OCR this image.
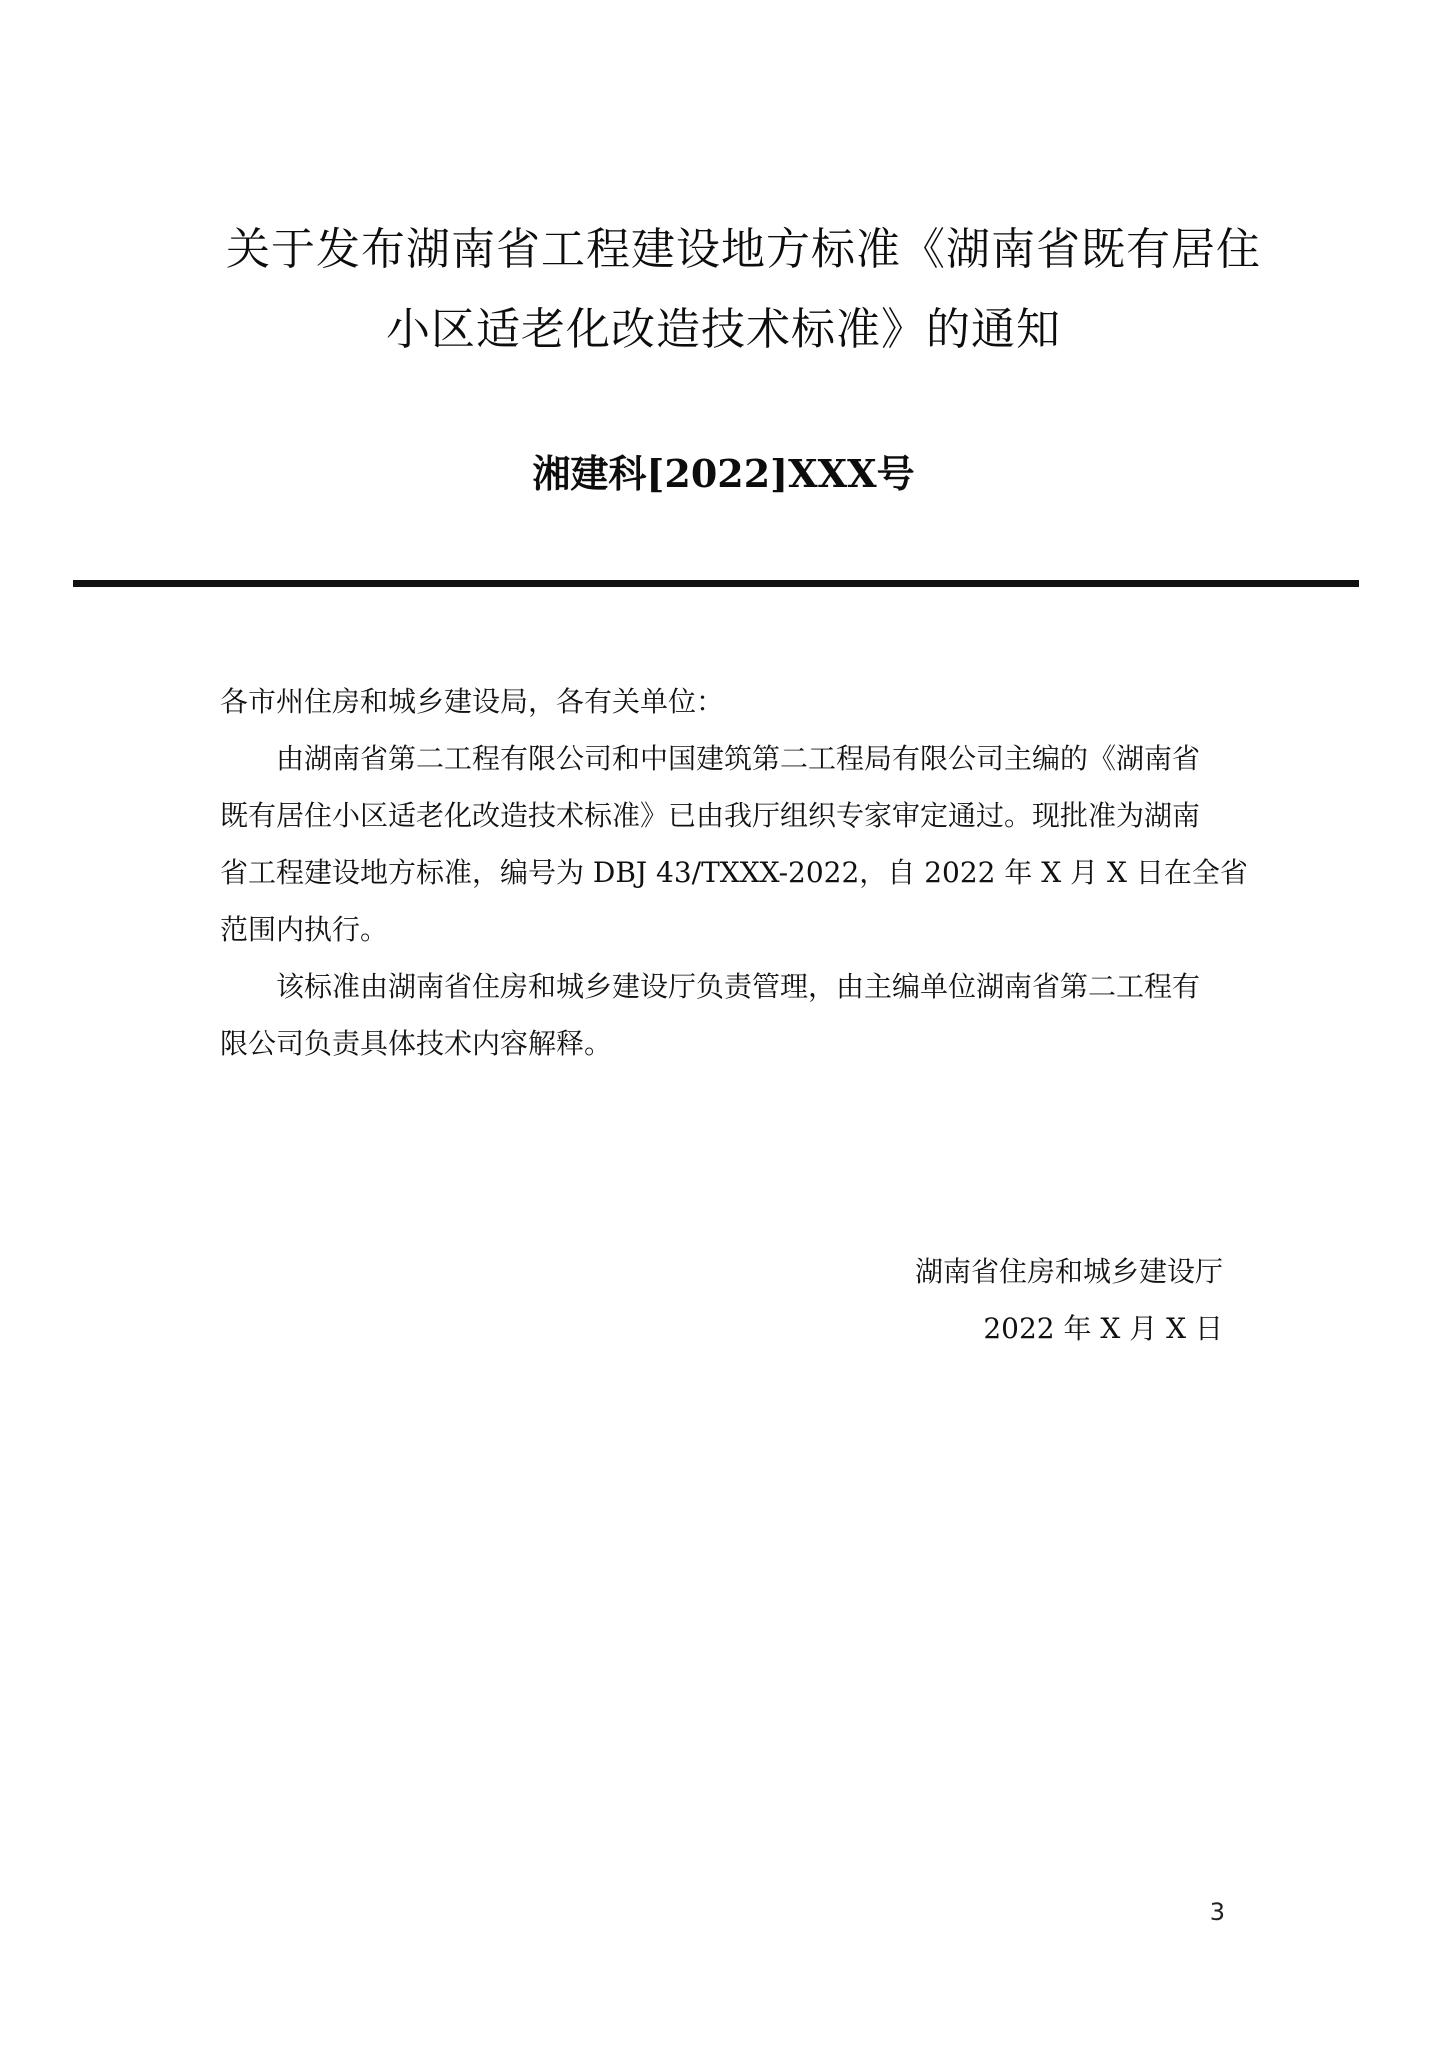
关于发布湖南省工程建设地方标准《湖南省既有居住
小区适老化改造技术标准》的通知
湘建科[2022]XXX号
各市州住房和城乡建设局，各有关单位：
由湖南省第二工程有限公司和中国建筑第二工程局有限公司主编的《湖南省
既有居住小区适老化改造技术标准》已由我厅组织专家审定通过。现批准为湖南
省工程建设地方标准，编号为 DBJ 43/TXXX-2022，自 2022 年 X 月 X 日在全省
范围内执行。
该标准由湖南省住房和城乡建设厅负责管理，由主编单位湖南省第二工程有
限公司负责具体技术内容解释。
湖南省住房和城乡建设厅
2022 年 X 月 X 日
3
